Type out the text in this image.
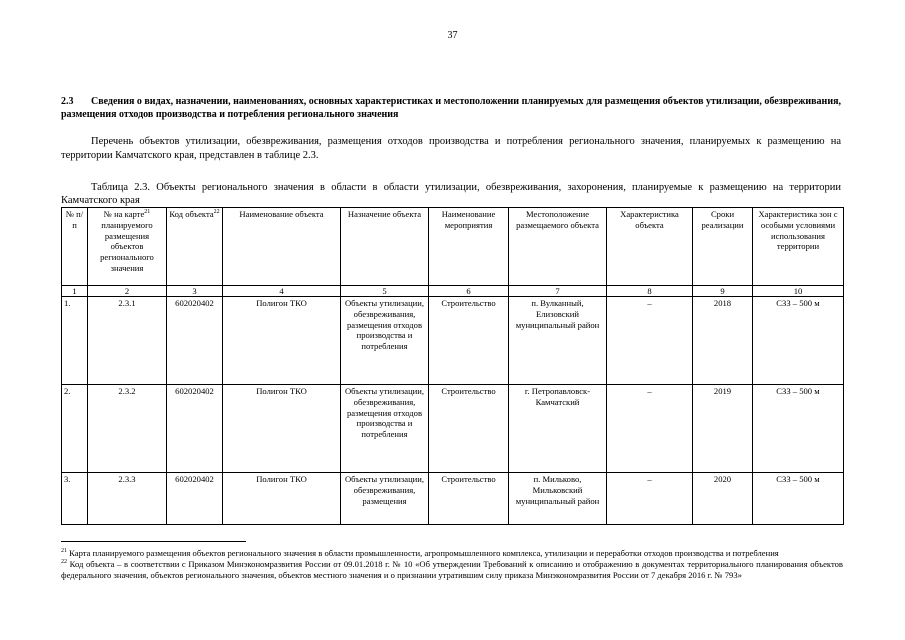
37
2.3 Сведения о видах, назначении, наименованиях, основных характеристиках и местоположении планируемых для размещения объектов утилизации, обезвреживания, размещения отходов производства и потребления регионального значения
Перечень объектов утилизации, обезвреживания, размещения отходов производства и потребления регионального значения, планируемых к размещению на территории Камчатского края, представлен в таблице 2.3.
Таблица 2.3. Объекты регионального значения в области в области утилизации, обезвреживания, захоронения, планируемые к размещению на территории Камчатского края
№ п/п	№ на карте$^{21}$ планируемого размещения объектов регионального значения	Код объекта$^{22}$	Наименование объекта	Назначение объекта	Наименование мероприятия	Местоположение размещаемого объекта	Характеристика объекта	Сроки реализации	Характеристика зон с особыми условиями использования территории
1	2	3	4	5	6	7	8	9	10
1.	2.3.1	602020402	Полигон ТКО	Объекты утилизации, обезвреживания, размещения отходов производства и потребления	Строительство	п. Вулканный, Елизовский муниципальный район	–	2018	СЗЗ – 500 м
2.	2.3.2	602020402	Полигон ТКО	Объекты утилизации, обезвреживания, размещения отходов производства и потребления	Строительство	г. Петропавловск-Камчатский	–	2019	СЗЗ – 500 м
3.	2.3.3	602020402	Полигон ТКО	Объекты утилизации, обезвреживания, размещения	Строительство	п. Мильково, Мильковский муниципальный район	–	2020	СЗЗ – 500 м

$^{21}$ Карта планируемого размещения объектов регионального значения в области промышленности, агропромышленного комплекса, утилизации и переработки отходов производства и потребления

$^{22}$ Код объекта – в соответствии с Приказом Минэкономразвития России от 09.01.2018 г. № 10 «Об утверждении Требований к описанию и отображению в документах территориального планирования объектов федерального значения, объектов регионального значения, объектов местного значения и о признании утратившим силу приказа Минэкономразвития России от 7 декабря 2016 г. № 793»
